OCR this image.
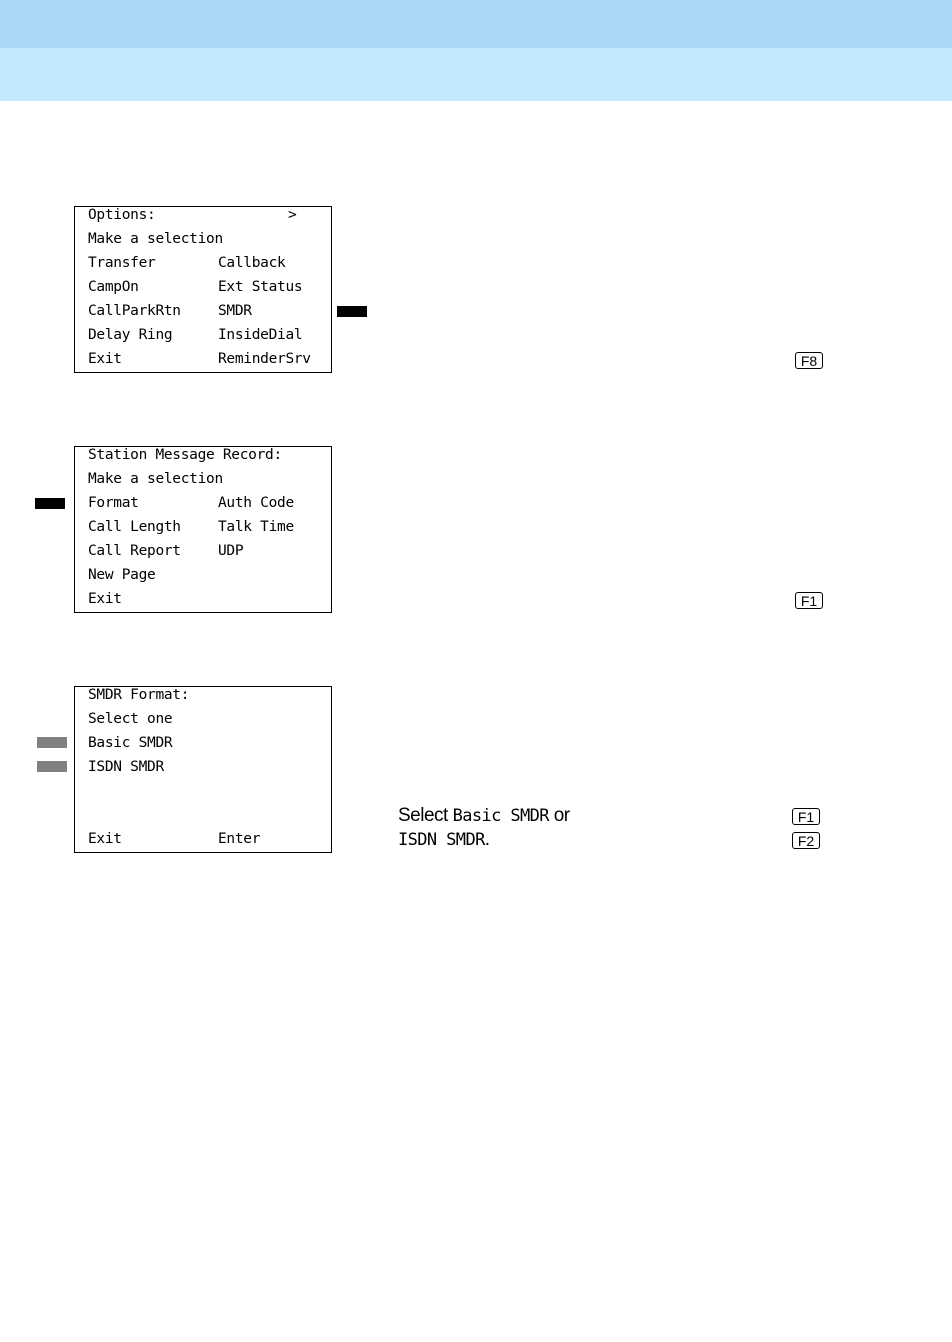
Options:	>
Make a selection
Transfer	Callback
CampOn	Ext Status
CallParkRtn	SMDR
Delay Ring	InsideDial
Exit	ReminderSrv	F8
Station Message Record:
Make a selection
Format	Auth Code
Call Length	Talk Time
Call Report	UDP
New Page
Exit	F1
SMDR Format:
Select one
Basic SMDR
ISDN SMDR
Exit	Enter
Select Basic SMDR or
ISDN SMDR.
F1
F2
